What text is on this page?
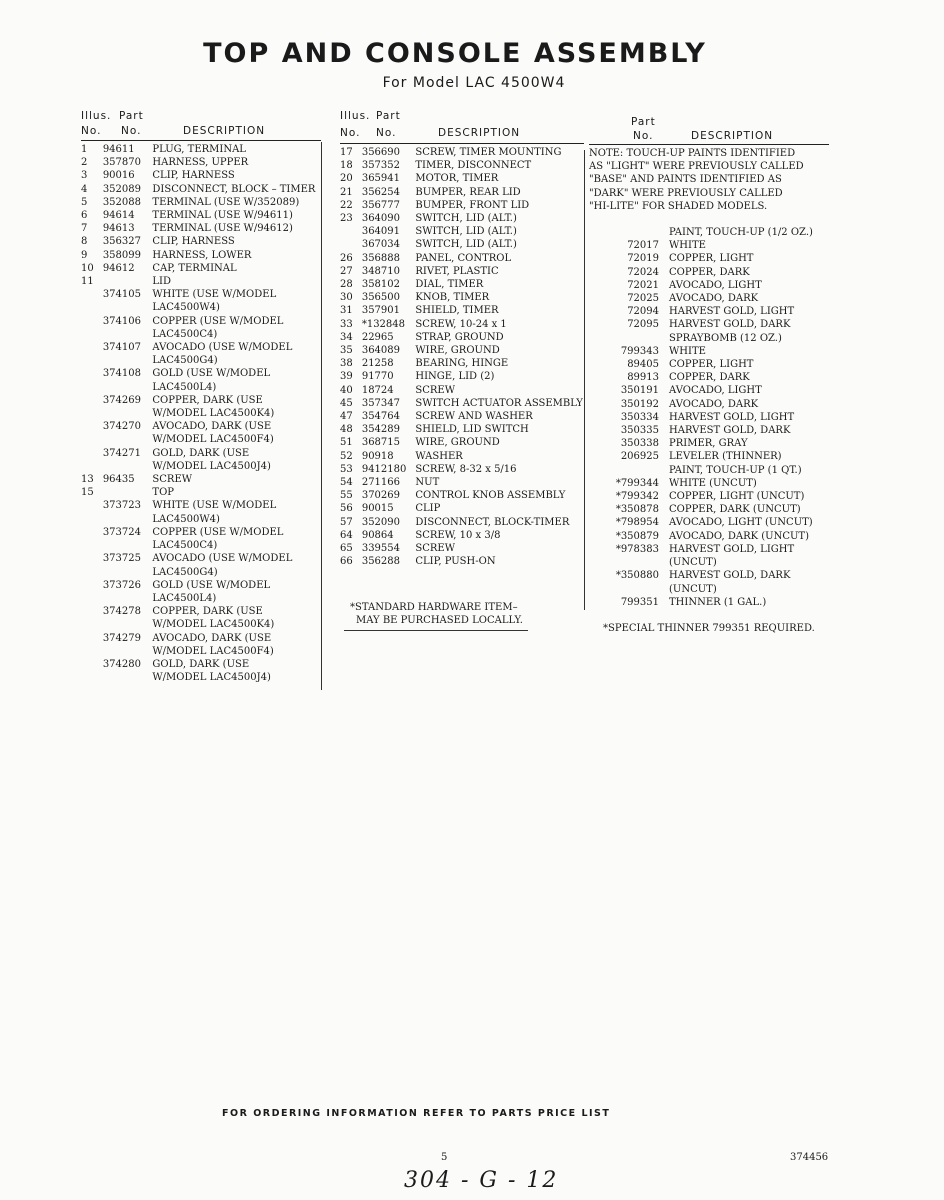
TOP AND CONSOLE ASSEMBLY
For Model LAC 4500W4
Illus. Part
No. No.	DESCRIPTION
1	94611	PLUG, TERMINAL
2	357870	HARNESS, UPPER
3	90016	CLIP, HARNESS
4	352089	DISCONNECT, BLOCK – TIMER
5	352088	TERMINAL (USE W/352089)
6	94614	TERMINAL (USE W/94611)
7	94613	TERMINAL (USE W/94612)
8	356327	CLIP, HARNESS
9	358099	HARNESS, LOWER
10 94612	CAP, TERMINAL
11	LID
374105	WHITE (USE W/MODEL
LAC4500W4)
374106	COPPER (USE W/MODEL
LAC4500C4)
374107	AVOCADO (USE W/MODEL
LAC4500G4)
374108	GOLD (USE W/MODEL
LAC4500L4)
374269	COPPER, DARK (USE
W/MODEL LAC4500K4)
374270	AVOCADO, DARK (USE
W/MODEL LAC4500F4)
374271	GOLD, DARK (USE
W/MODEL LAC4500J4)
13 96435	SCREW
15	TOP
373723	WHITE (USE W/MODEL
LAC4500W4)
373724	COPPER (USE W/MODEL
LAC4500C4)
373725	AVOCADO (USE W/MODEL
LAC4500G4)
373726	GOLD (USE W/MODEL
LAC4500L4)
374278	COPPER, DARK (USE
W/MODEL LAC4500K4)
374279	AVOCADO, DARK (USE
W/MODEL LAC4500F4)
374280	GOLD, DARK (USE
W/MODEL LAC4500J4)
Illus. Part
No. No.	DESCRIPTION
17 356690	SCREW, TIMER MOUNTING
18 357352	TIMER, DISCONNECT
20 365941	MOTOR, TIMER
21 356254	BUMPER, REAR LID
22 356777	BUMPER, FRONT LID
23 364090	SWITCH, LID (ALT.)
364091	SWITCH, LID (ALT.)
367034	SWITCH, LID (ALT.)
26 356888	PANEL, CONTROL
27 348710	RIVET, PLASTIC
28 358102	DIAL, TIMER
30 356500	KNOB, TIMER
31 357901	SHIELD, TIMER
33 *132848	SCREW, 10-24 x 1
34 22965	STRAP, GROUND
35 364089	WIRE, GROUND
38 21258	BEARING, HINGE
39 91770	HINGE, LID (2)
40 18724	SCREW
45 357347	SWITCH ACTUATOR ASSEMBLY
47 354764	SCREW AND WASHER
48 354289	SHIELD, LID SWITCH
51 368715	WIRE, GROUND
52 90918	WASHER
53 9412180 SCREW, 8-32 x 5/16
54 271166	NUT
55 370269	CONTROL KNOB ASSEMBLY
56 90015	CLIP
57 352090	DISCONNECT, BLOCK-TIMER
64 90864	SCREW, 10 x 3/8
65 339554	SCREW
66 356288	CLIP, PUSH-ON
*STANDARD HARDWARE ITEM–
MAY BE PURCHASED LOCALLY.
Part
No.	DESCRIPTION
NOTE: TOUCH-UP PAINTS IDENTIFIED
AS "LIGHT" WERE PREVIOUSLY CALLED
"BASE" AND PAINTS IDENTIFIED AS
"DARK" WERE PREVIOUSLY CALLED
"HI-LITE" FOR SHADED MODELS.
PAINT, TOUCH-UP (1/2 OZ.)
72017	WHITE
72019	COPPER, LIGHT
72024	COPPER, DARK
72021	AVOCADO, LIGHT
72025	AVOCADO, DARK
72094	HARVEST GOLD, LIGHT
72095	HARVEST GOLD, DARK
SPRAYBOMB (12 OZ.)
799343	WHITE
89405	COPPER, LIGHT
89913	COPPER, DARK
350191	AVOCADO, LIGHT
350192	AVOCADO, DARK
350334	HARVEST GOLD, LIGHT
350335	HARVEST GOLD, DARK
350338	PRIMER, GRAY
206925	LEVELER (THINNER)
PAINT, TOUCH-UP (1 QT.)
*799344	WHITE (UNCUT)
*799342	COPPER, LIGHT (UNCUT)
*350878	COPPER, DARK (UNCUT)
*798954	AVOCADO, LIGHT (UNCUT)
*350879	AVOCADO, DARK (UNCUT)
*978383	HARVEST GOLD, LIGHT
(UNCUT)
*350880	HARVEST GOLD, DARK
(UNCUT)
799351	THINNER (1 GAL.)
*SPECIAL THINNER 799351 REQUIRED.
FOR ORDERING INFORMATION REFER TO PARTS PRICE LIST
5	374456
304 - G - 12
